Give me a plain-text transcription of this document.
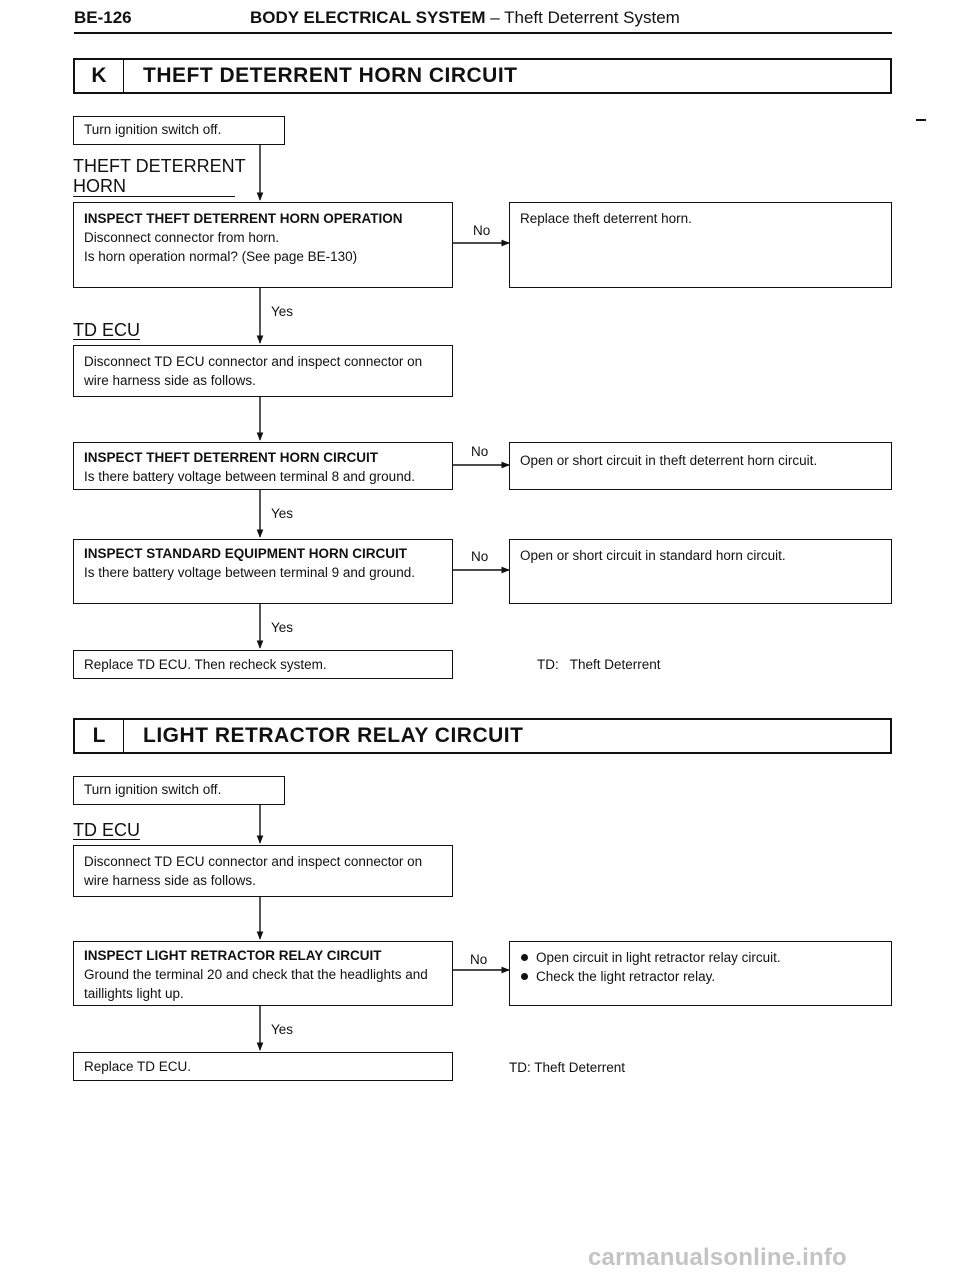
BE-126	BODY ELECTRICAL SYSTEM – Theft Deterrent System
K	THEFT DETERRENT HORN CIRCUIT
Turn ignition switch off.
THEFT DETERRENT
HORN
INSPECT THEFT DETERRENT HORN OPERATION
Disconnect connector from horn.
Is horn operation normal? (See page BE-130)
No
Replace theft deterrent horn.
Yes
TD ECU
Disconnect TD ECU connector and inspect connector on wire harness side as follows.
INSPECT THEFT DETERRENT HORN CIRCUIT
Is there battery voltage between terminal 8 and ground.
No
Open or short circuit in theft deterrent horn circuit.
Yes
INSPECT STANDARD EQUIPMENT HORN CIRCUIT
Is there battery voltage between terminal 9 and ground.
No Open or short circuit in standard horn circuit.
Yes
Replace TD ECU. Then recheck system.	TD:   Theft Deterrent
L	LIGHT RETRACTOR RELAY CIRCUIT
Turn ignition switch off.
TD ECU
Disconnect TD ECU connector and inspect connector on wire harness side as follows.
INSPECT LIGHT RETRACTOR RELAY CIRCUIT
Ground the terminal 20 and check that the headlights and taillights light up.
No	Open circuit in light retractor relay circuit.
Check the light retractor relay.
Yes
Replace TD ECU.	TD: Theft Deterrent
carmanualsonline.info
